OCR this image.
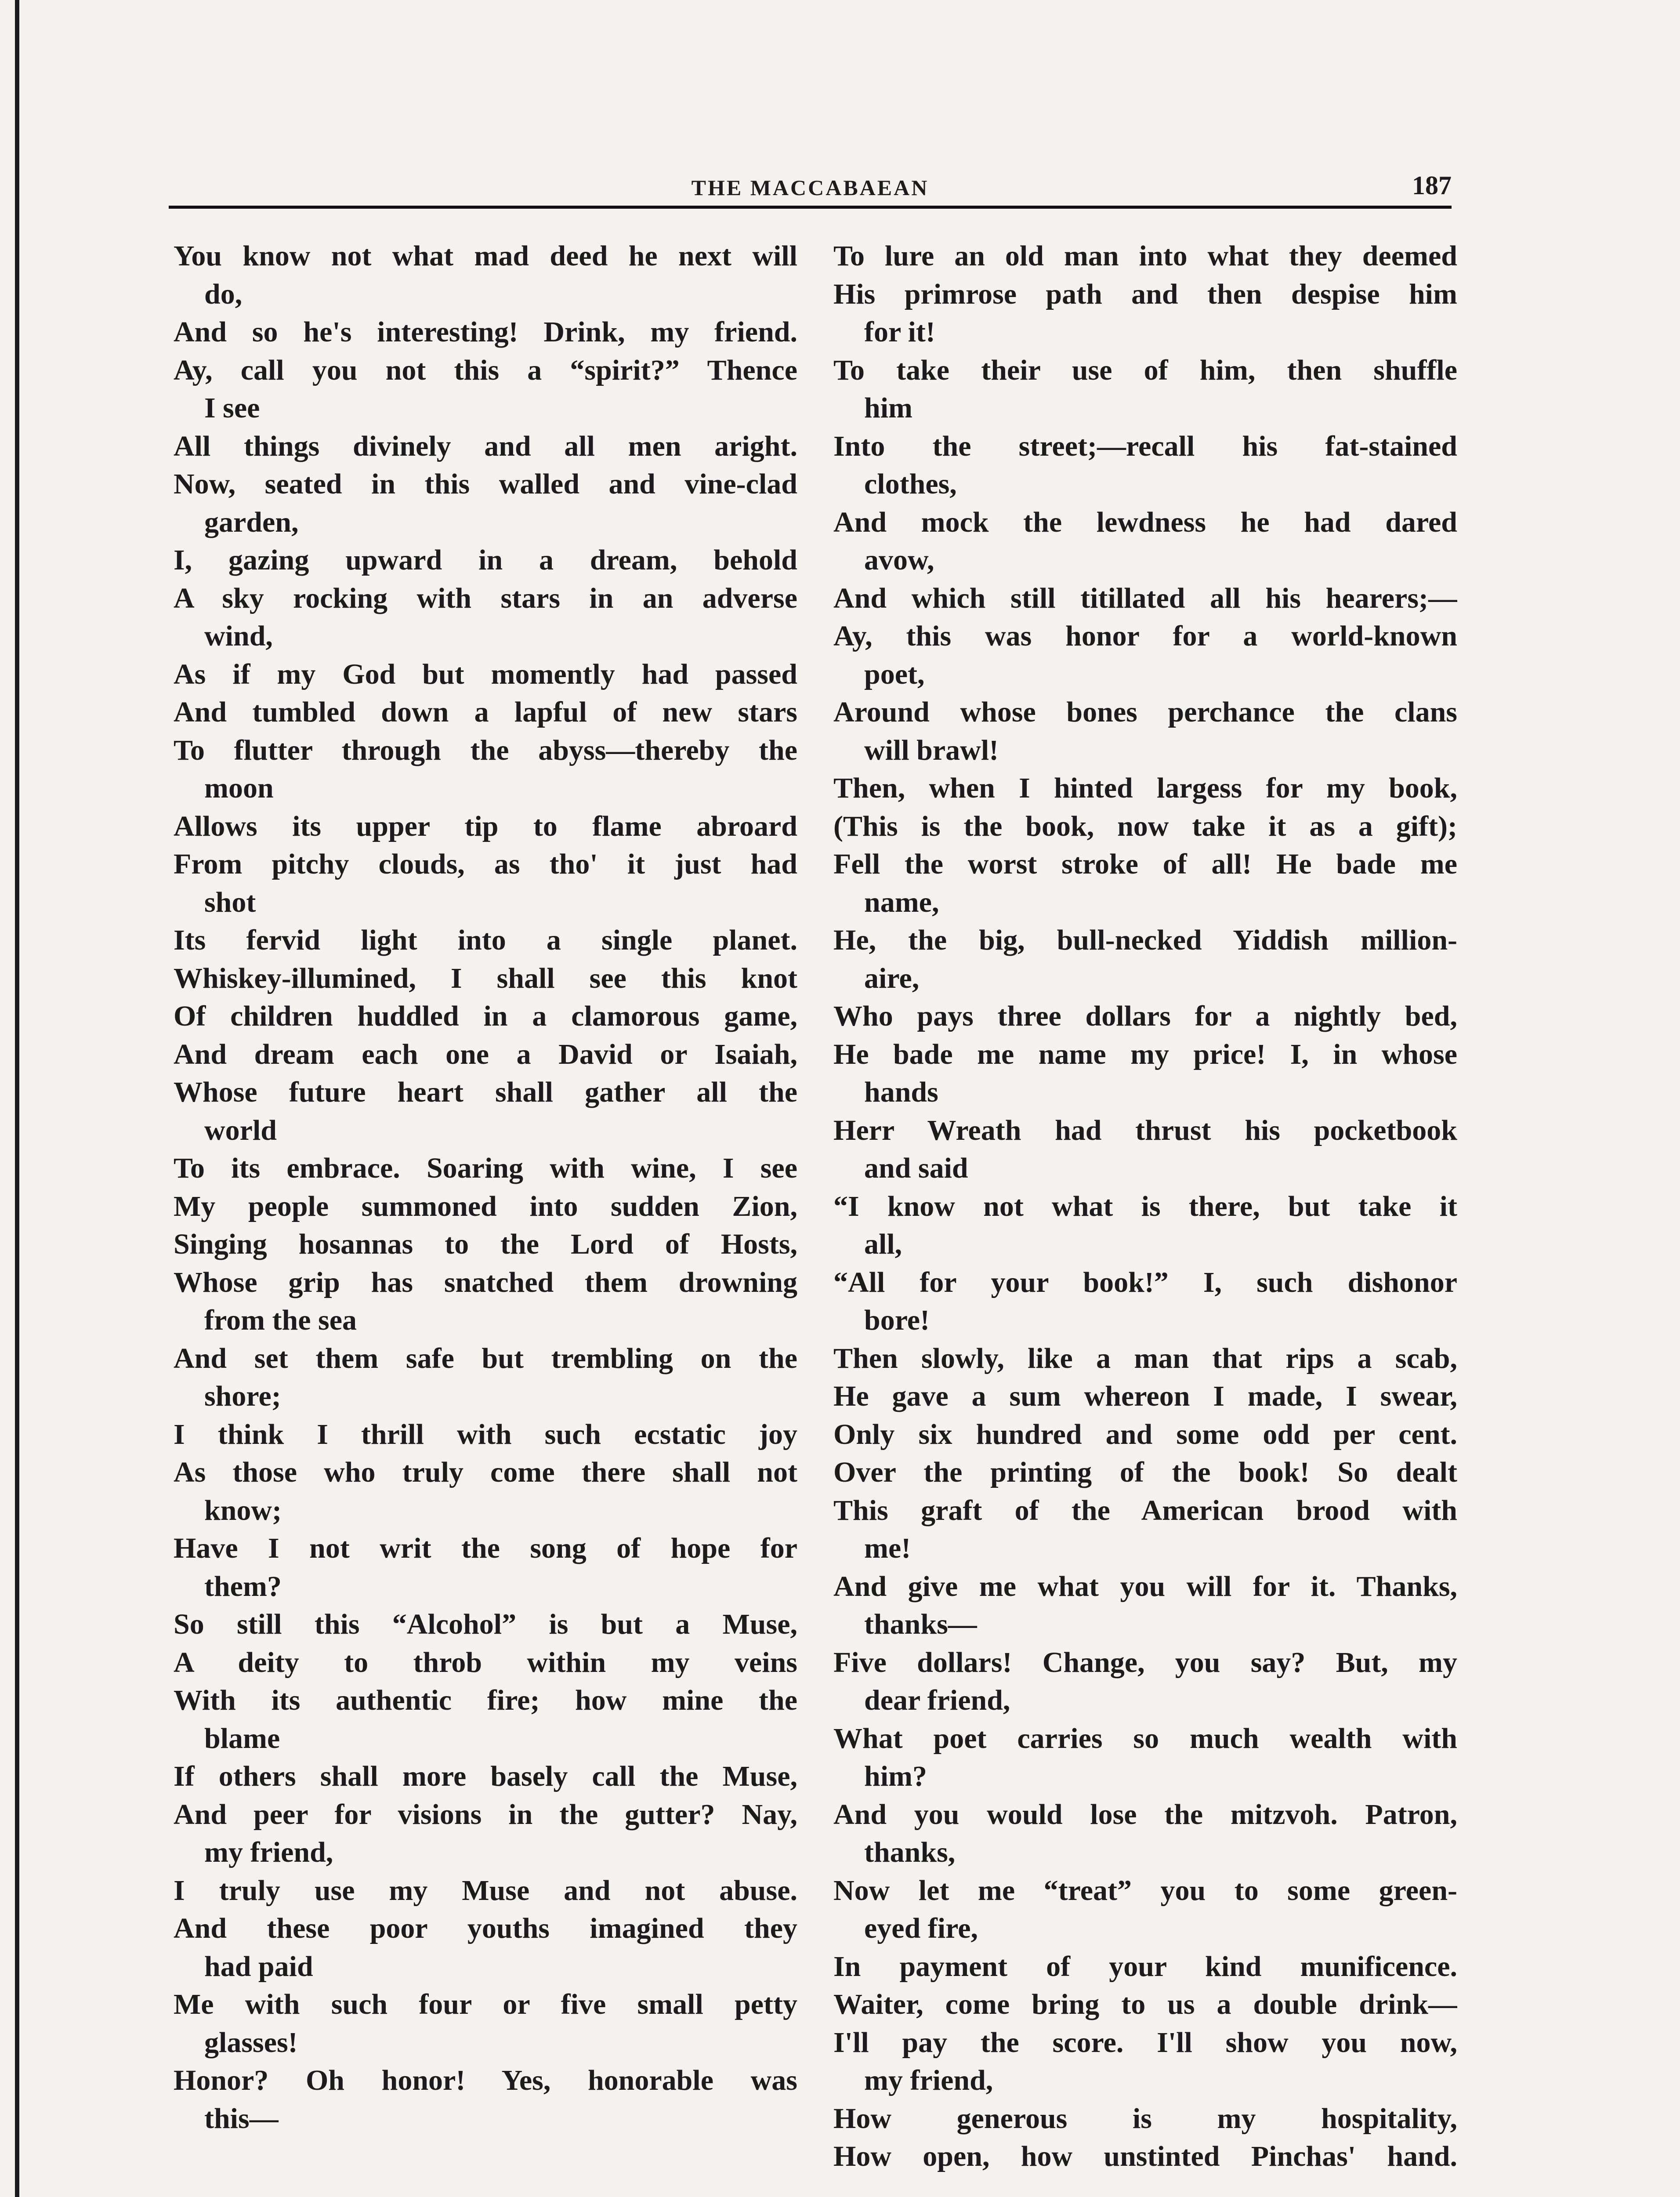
THE MACCABAEAN	187
You know not what mad deed he next will
do,
And so he's interesting! Drink, my friend.
Ay, call you not this a “spirit?” Thence
I see
All things divinely and all men aright.
Now, seated in this walled and vine-clad
garden,
I, gazing upward in a dream, behold
A sky rocking with stars in an adverse
wind,
As if my God but momently had passed
And tumbled down a lapful of new stars
To flutter through the abyss—thereby the
moon
Allows its upper tip to flame abroard
From pitchy clouds, as tho' it just had
shot
Its fervid light into a single planet.
Whiskey-illumined, I shall see this knot
Of children huddled in a clamorous game,
And dream each one a David or Isaiah,
Whose future heart shall gather all the
world
To its embrace. Soaring with wine, I see
My people summoned into sudden Zion,
Singing hosannas to the Lord of Hosts,
Whose grip has snatched them drowning
from the sea
And set them safe but trembling on the
shore;
I think I thrill with such ecstatic joy
As those who truly come there shall not
know;
Have I not writ the song of hope for
them?
So still this “Alcohol” is but a Muse,
A deity to throb within my veins
With its authentic fire; how mine the
blame
If others shall more basely call the Muse,
And peer for visions in the gutter? Nay,
my friend,
I truly use my Muse and not abuse.
And these poor youths imagined they
had paid
Me with such four or five small petty
glasses!
Honor? Oh honor! Yes, honorable was
this—
To lure an old man into what they deemed
His primrose path and then despise him
for it!
To take their use of him, then shuffle
him
Into the street;—recall his fat-stained
clothes,
And mock the lewdness he had dared
avow,
And which still titillated all his hearers;—
Ay, this was honor for a world-known
poet,
Around whose bones perchance the clans
will brawl!
Then, when I hinted largess for my book,
(This is the book, now take it as a gift);
Fell the worst stroke of all! He bade me
name,
He, the big, bull-necked Yiddish million-
aire,
Who pays three dollars for a nightly bed,
He bade me name my price! I, in whose
hands
Herr Wreath had thrust his pocketbook
and said
“I know not what is there, but take it
all,
“All for your book!” I, such dishonor
bore!
Then slowly, like a man that rips a scab,
He gave a sum whereon I made, I swear,
Only six hundred and some odd per cent.
Over the printing of the book! So dealt
This graft of the American brood with
me!
And give me what you will for it. Thanks,
thanks—
Five dollars! Change, you say? But, my
dear friend,
What poet carries so much wealth with
him?
And you would lose the mitzvoh. Patron,
thanks,
Now let me “treat” you to some green-
eyed fire,
In payment of your kind munificence.
Waiter, come bring to us a double drink—
I'll pay the score. I'll show you now,
my friend,
How generous is my hospitality,
How open, how unstinted Pinchas' hand.
